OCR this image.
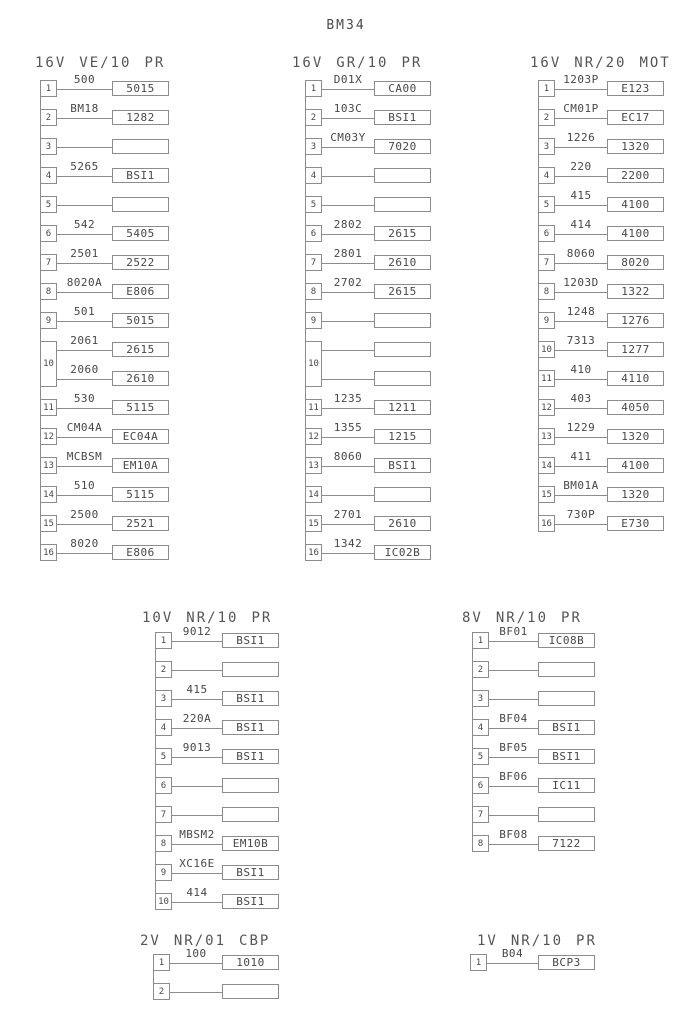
BM34
16V VE/10 PR
1
500
5015
2
BM18
1282
3
4
5265
BSI1
5
6
542
5405
7
2501
2522
8
8020A
E806
9
501
5015
10
2061
2615
2060
2610
11
530
5115
12
CM04A
EC04A
13
MCBSM
EM10A
14
510
5115
15
2500
2521
16
8020
E806
16V GR/10 PR
1
D01X
CA00
2
103C
BSI1
3
CM03Y
7020
4
5
6
2802
2615
7
2801
2610
8
2702
2615
9
10
11
1235
1211
12
1355
1215
13
8060
BSI1
14
15
2701
2610
16
1342
IC02B
16V NR/20 MOT
1
1203P
E123
2
CM01P
EC17
3
1226
1320
4
220
2200
5
415
4100
6
414
4100
7
8060
8020
8
1203D
1322
9
1248
1276
10
7313
1277
11
410
4110
12
403
4050
13
1229
1320
14
411
4100
15
BM01A
1320
16
730P
E730
10V NR/10 PR
1
9012
BSI1
2
3
415
BSI1
4
220A
BSI1
5
9013
BSI1
6
7
8
MBSM2
EM10B
9
XC16E
BSI1
10
414
BSI1
8V NR/10 PR
1
BF01
IC08B
2
3
4
BF04
BSI1
5
BF05
BSI1
6
BF06
IC11
7
8
BF08
7122
2V NR/01 CBP
1
100
1010
2
1V NR/10 PR
1
B04
BCP3
